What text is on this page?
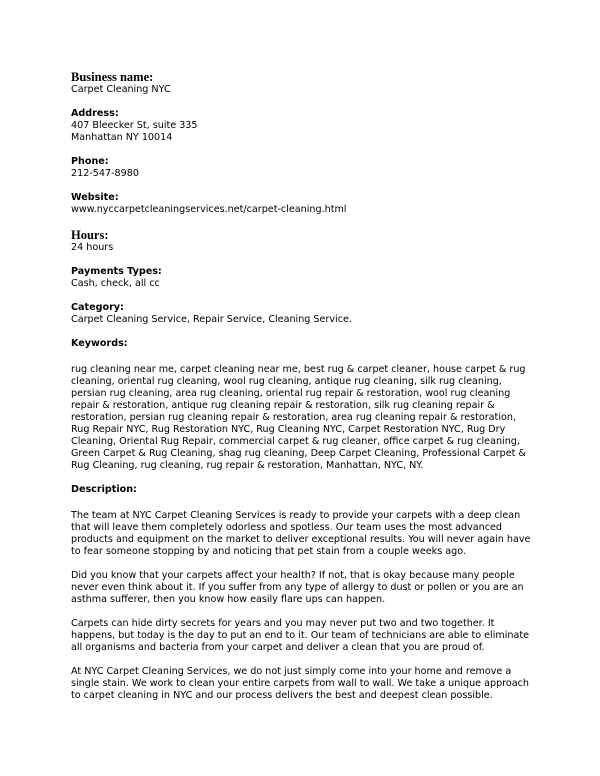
Business name:
Carpet Cleaning NYC
Address:
407 Bleecker St, suite 335
Manhattan NY 10014
Phone:
212-547-8980
Website:
www.nyccarpetcleaningservices.net/carpet-cleaning.html
Hours:
24 hours
Payments Types:
Cash, check, all cc
Category:
Carpet Cleaning Service, Repair Service, Cleaning Service.
Keywords:

rug cleaning near me, carpet cleaning near me, best rug & carpet cleaner, house carpet & rug cleaning, oriental rug cleaning, wool rug cleaning, antique rug cleaning, silk rug cleaning, persian rug cleaning, area rug cleaning, oriental rug repair & restoration, wool rug cleaning repair & restoration, antique rug cleaning repair & restoration, silk rug cleaning repair & restoration, persian rug cleaning repair & restoration, area rug cleaning repair & restoration, Rug Repair NYC, Rug Restoration NYC, Rug Cleaning NYC, Carpet Restoration NYC, Rug Dry Cleaning, Oriental Rug Repair, commercial carpet & rug cleaner, office carpet & rug cleaning, Green Carpet & Rug Cleaning, shag rug cleaning, Deep Carpet Cleaning, Professional Carpet & Rug Cleaning, rug cleaning, rug repair & restoration, Manhattan, NYC, NY.

Description:

The team at NYC Carpet Cleaning Services is ready to provide your carpets with a deep clean that will leave them completely odorless and spotless. Our team uses the most advanced products and equipment on the market to deliver exceptional results. You will never again have to fear someone stopping by and noticing that pet stain from a couple weeks ago.

Did you know that your carpets affect your health? If not, that is okay because many people never even think about it. If you suffer from any type of allergy to dust or pollen or you are an asthma sufferer, then you know how easily flare ups can happen.

Carpets can hide dirty secrets for years and you may never put two and two together. It happens, but today is the day to put an end to it. Our team of technicians are able to eliminate all organisms and bacteria from your carpet and deliver a clean that you are proud of.

At NYC Carpet Cleaning Services, we do not just simply come into your home and remove a single stain. We work to clean your entire carpets from wall to wall. We take a unique approach to carpet cleaning in NYC and our process delivers the best and deepest clean possible.
